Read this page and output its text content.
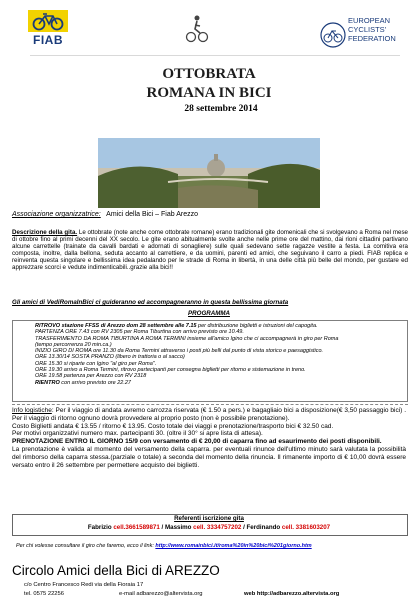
FIAB
EUROPEAN
CYCLISTS'
FEDERATION
OTTOBRATA
ROMANA IN BICI
28 settembre 2014
Associazione organizzatrice: Amici della Bici – Fiab Arezzo
Descrizione della gita. Le ottobrate (note anche come ottobrate romane) erano tradizionali gite domenicali che si svolgevano a Roma nel mese di ottobre fino al primi decenni del XX secolo. Le gite erano abitualmente svolte anche nelle prime ore del mattino, dai rioni cittadini partivano alcune carrettelle (trainate da cavalli bardati e adornati di sonagliere) sulle quali sedevano sette ragazze vestite a festa. La comitiva era composta, inoltre, dalla bellona, seduta accanto al carrettiere, e da uomini, parenti ed amici, che seguivano il carro a piedi. FIAB replica e reinventa questa singolare e bellissima idea pedalando per le strade di Roma in libertà, in una delle città più belle del mondo, per gustare ed apprezzare scorci e vedute indimenticabili..grazie alla bici!!
Gli amici di VediRomaInBici ci guideranno ed accompagneranno in questa bellissima giornata
PROGRAMMA
RITROVO stazione FFSS di Arezzo dom 28 settembre alle 7.15 per distribuzione biglietti e istruzioni del capogita.
PARTENZA ORE 7.43 con RV 2305 per Roma Tiburtina con arrivo previsto ore 10.49.
TRASFERIMENTO DA ROMA TIBURTINA A ROMA TERMINI insieme all'amico Igino che ci accompagnerà in giro per Roma
(tempo percorrenza 20 min.ca.)
INIZIO GIRO DI ROMA ore 11.30 da Roma Termini attraverso i posti più belli dal punto di vista storico e paesaggistico.
ORE 13.30/14 SOSTA PRANZO (libero in trattoria o al sacco)
ORE 15.30 si riparte con Igino "al giro per Roma".
ORE 19.30 arrivo a Roma Termini, ritrovo partecipanti per consegna biglietti per ritorno e sistemazione in treno.
ORE 19.58 partenza per Arezzo con RV 2318
RIENTRO con arrivo previsto ore 22.27
Info logistiche: Per il viaggio di andata avremo carrozza riservata (€ 1.50 a pers.) e bagagliaio bici a disposizione(€ 3,50 passaggio bici) . Per il viaggio di ritorno ognuno dovrà provvedere al proprio posto (non è possibile prenotazione).
Costo Biglietti andata € 13.55 / ritorno € 13.95. Costo totale dei viaggi e prenotazione/trasporto bici € 32.50 cad.
Per motivi organizzativi numero max. partecipanti 30. (oltre il 30° si apre lista di attesa).
PRENOTAZIONE ENTRO IL GIORNO 15/9 con versamento di € 20,00 di caparra fino ad esaurimento dei posti disponibili.
La prenotazione è valida al momento del versamento della caparra. per eventuali rinunce dell'ultimo minuto sarà valutata la possibilità del rimborso della caparra stessa.(parziale o totale) a seconda del momento della rinuncia. Il rimanente importo di € 10,00 dovrà essere versato entro il 26 settembre per permettere acquisto dei biglietti.
Referenti iscrizione gita
Fabrizio cell.3661589871 / Massimo cell. 3334757202 / Ferdinando cell. 3381603207
Per chi volesse consultare il giro che faremo, ecco il link: http://www.romainbici.it/roma%20in%20bici%201giorno.htm
Circolo Amici della Bici di AREZZO
c/o Centro Francesco Redi via della Fioraia 17
tel. 0575 22256	e-mail adbarezzo@altervista.org	web http://adbarezzo.altervista.org
